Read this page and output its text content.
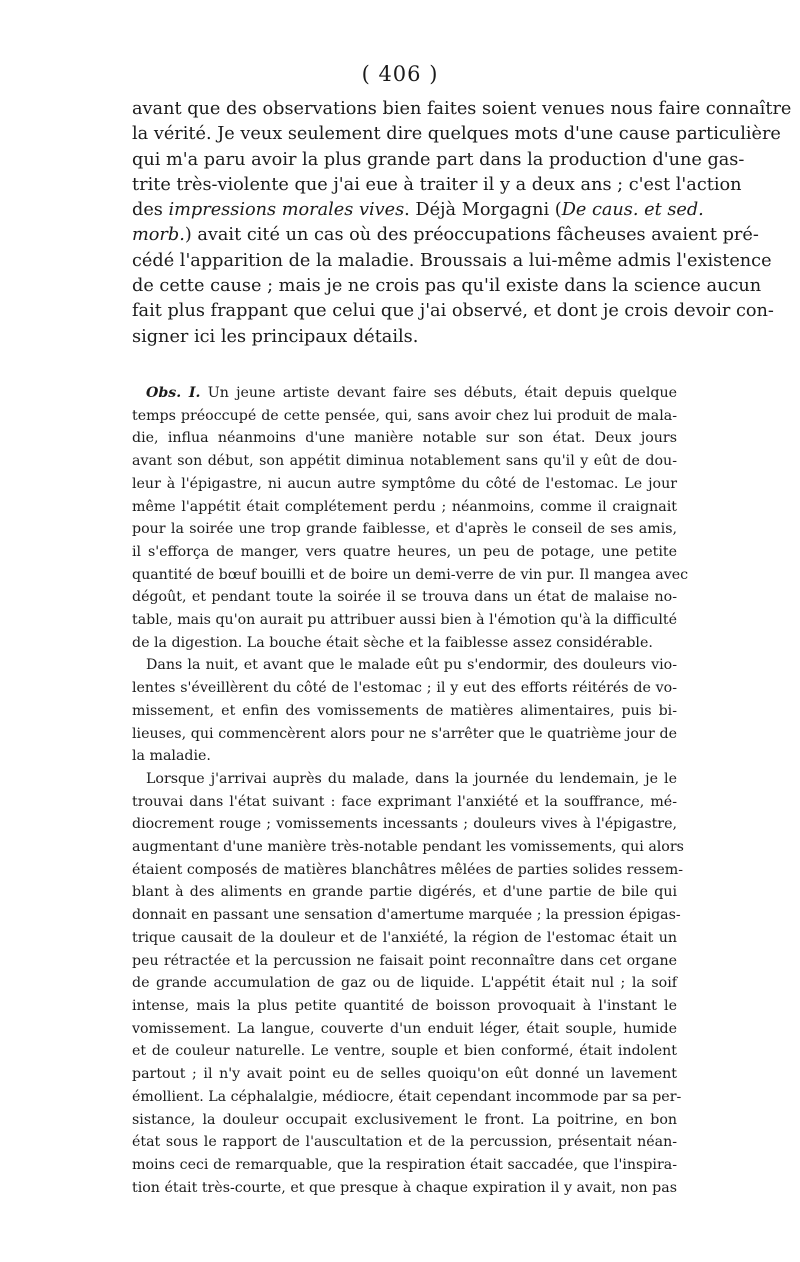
( 406 )
avant que des observations bien faites soient venues nous faire connaître
la vérité. Je veux seulement dire quelques mots d'une cause particulière
qui m'a paru avoir la plus grande part dans la production d'une gas-
trite très-violente que j'ai eue à traiter il y a deux ans ; c'est l'action
des impressions morales vives. Déjà Morgagni (De caus. et sed.
morb.) avait cité un cas où des préoccupations fâcheuses avaient pré-
cédé l'apparition de la maladie. Broussais a lui-même admis l'existence
de cette cause ; mais je ne crois pas qu'il existe dans la science aucun
fait plus frappant que celui que j'ai observé, et dont je crois devoir con-
signer ici les principaux détails.
Obs. I. Un jeune artiste devant faire ses débuts, était depuis quelque
temps préoccupé de cette pensée, qui, sans avoir chez lui produit de mala-
die, influa néanmoins d'une manière notable sur son état. Deux jours
avant son début, son appétit diminua notablement sans qu'il y eût de dou-
leur à l'épigastre, ni aucun autre symptôme du côté de l'estomac. Le jour
même l'appétit était complétement perdu ; néanmoins, comme il craignait
pour la soirée une trop grande faiblesse, et d'après le conseil de ses amis,
il s'efforça de manger, vers quatre heures, un peu de potage, une petite
quantité de bœuf bouilli et de boire un demi-verre de vin pur. Il mangea avec
dégoût, et pendant toute la soirée il se trouva dans un état de malaise no-
table, mais qu'on aurait pu attribuer aussi bien à l'émotion qu'à la difficulté
de la digestion. La bouche était sèche et la faiblesse assez considérable.
Dans la nuit, et avant que le malade eût pu s'endormir, des douleurs vio-
lentes s'éveillèrent du côté de l'estomac ; il y eut des efforts réitérés de vo-
missement, et enfin des vomissements de matières alimentaires, puis bi-
lieuses, qui commencèrent alors pour ne s'arrêter que le quatrième jour de
la maladie.
Lorsque j'arrivai auprès du malade, dans la journée du lendemain, je le
trouvai dans l'état suivant : face exprimant l'anxiété et la souffrance, mé-
diocrement rouge ; vomissements incessants ; douleurs vives à l'épigastre,
augmentant d'une manière très-notable pendant les vomissements, qui alors
étaient composés de matières blanchâtres mêlées de parties solides ressem-
blant à des aliments en grande partie digérés, et d'une partie de bile qui
donnait en passant une sensation d'amertume marquée ; la pression épigas-
trique causait de la douleur et de l'anxiété, la région de l'estomac était un
peu rétractée et la percussion ne faisait point reconnaître dans cet organe
de grande accumulation de gaz ou de liquide. L'appétit était nul ; la soif
intense, mais la plus petite quantité de boisson provoquait à l'instant le
vomissement. La langue, couverte d'un enduit léger, était souple, humide
et de couleur naturelle. Le ventre, souple et bien conformé, était indolent
partout ; il n'y avait point eu de selles quoiqu'on eût donné un lavement
émollient. La céphalalgie, médiocre, était cependant incommode par sa per-
sistance, la douleur occupait exclusivement le front. La poitrine, en bon
état sous le rapport de l'auscultation et de la percussion, présentait néan-
moins ceci de remarquable, que la respiration était saccadée, que l'inspira-
tion était très-courte, et que presque à chaque expiration il y avait, non pas
